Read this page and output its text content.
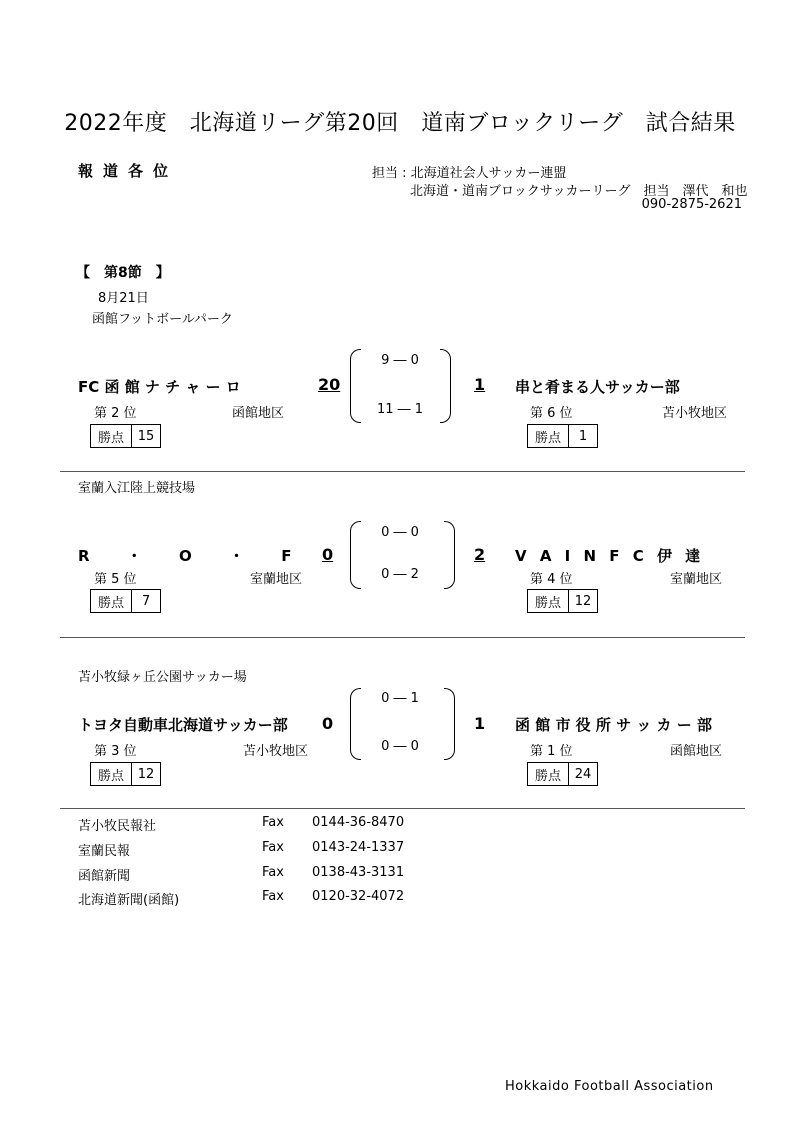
2022年度　北海道リーグ第20回　道南ブロックリーグ　試合結果
報道各位	担当 : 北海道社会人サッカー連盟
北海道・道南ブロックサッカーリーグ　担当　澤代　和也
090-2875-2621
【　第8節　】
8月21日
函館フットボールパーク
9 ― 0
11 ― 1
FC 函 館 ナ チ ャ ー ロ	20	1 串と肴まる人サッカー部
第 2 位	函館地区	第 6 位	苫小牧地区
勝点	15	勝点	1
室蘭入江陸上競技場
0 ― 0
0 ― 2
R ・ O ・ F 0	2 V A I N F C 伊 達
第 5 位	室蘭地区	第 4 位	室蘭地区
勝点	7	勝点	12
苫小牧緑ヶ丘公園サッカー場
0 ― 1
0 ― 0
トヨタ自動車北海道サッカー部 0	1 函 館 市 役 所 サ ッ カ ー 部
第 3 位	苫小牧地区	第 1 位	函館地区
勝点	12	勝点	24
苫小牧民報社	Fax 0144-36-8470
室蘭民報	Fax 0143-24-1337
函館新聞	Fax 0138-43-3131
北海道新聞(函館)	Fax 0120-32-4072
Hokkaido Football Association
